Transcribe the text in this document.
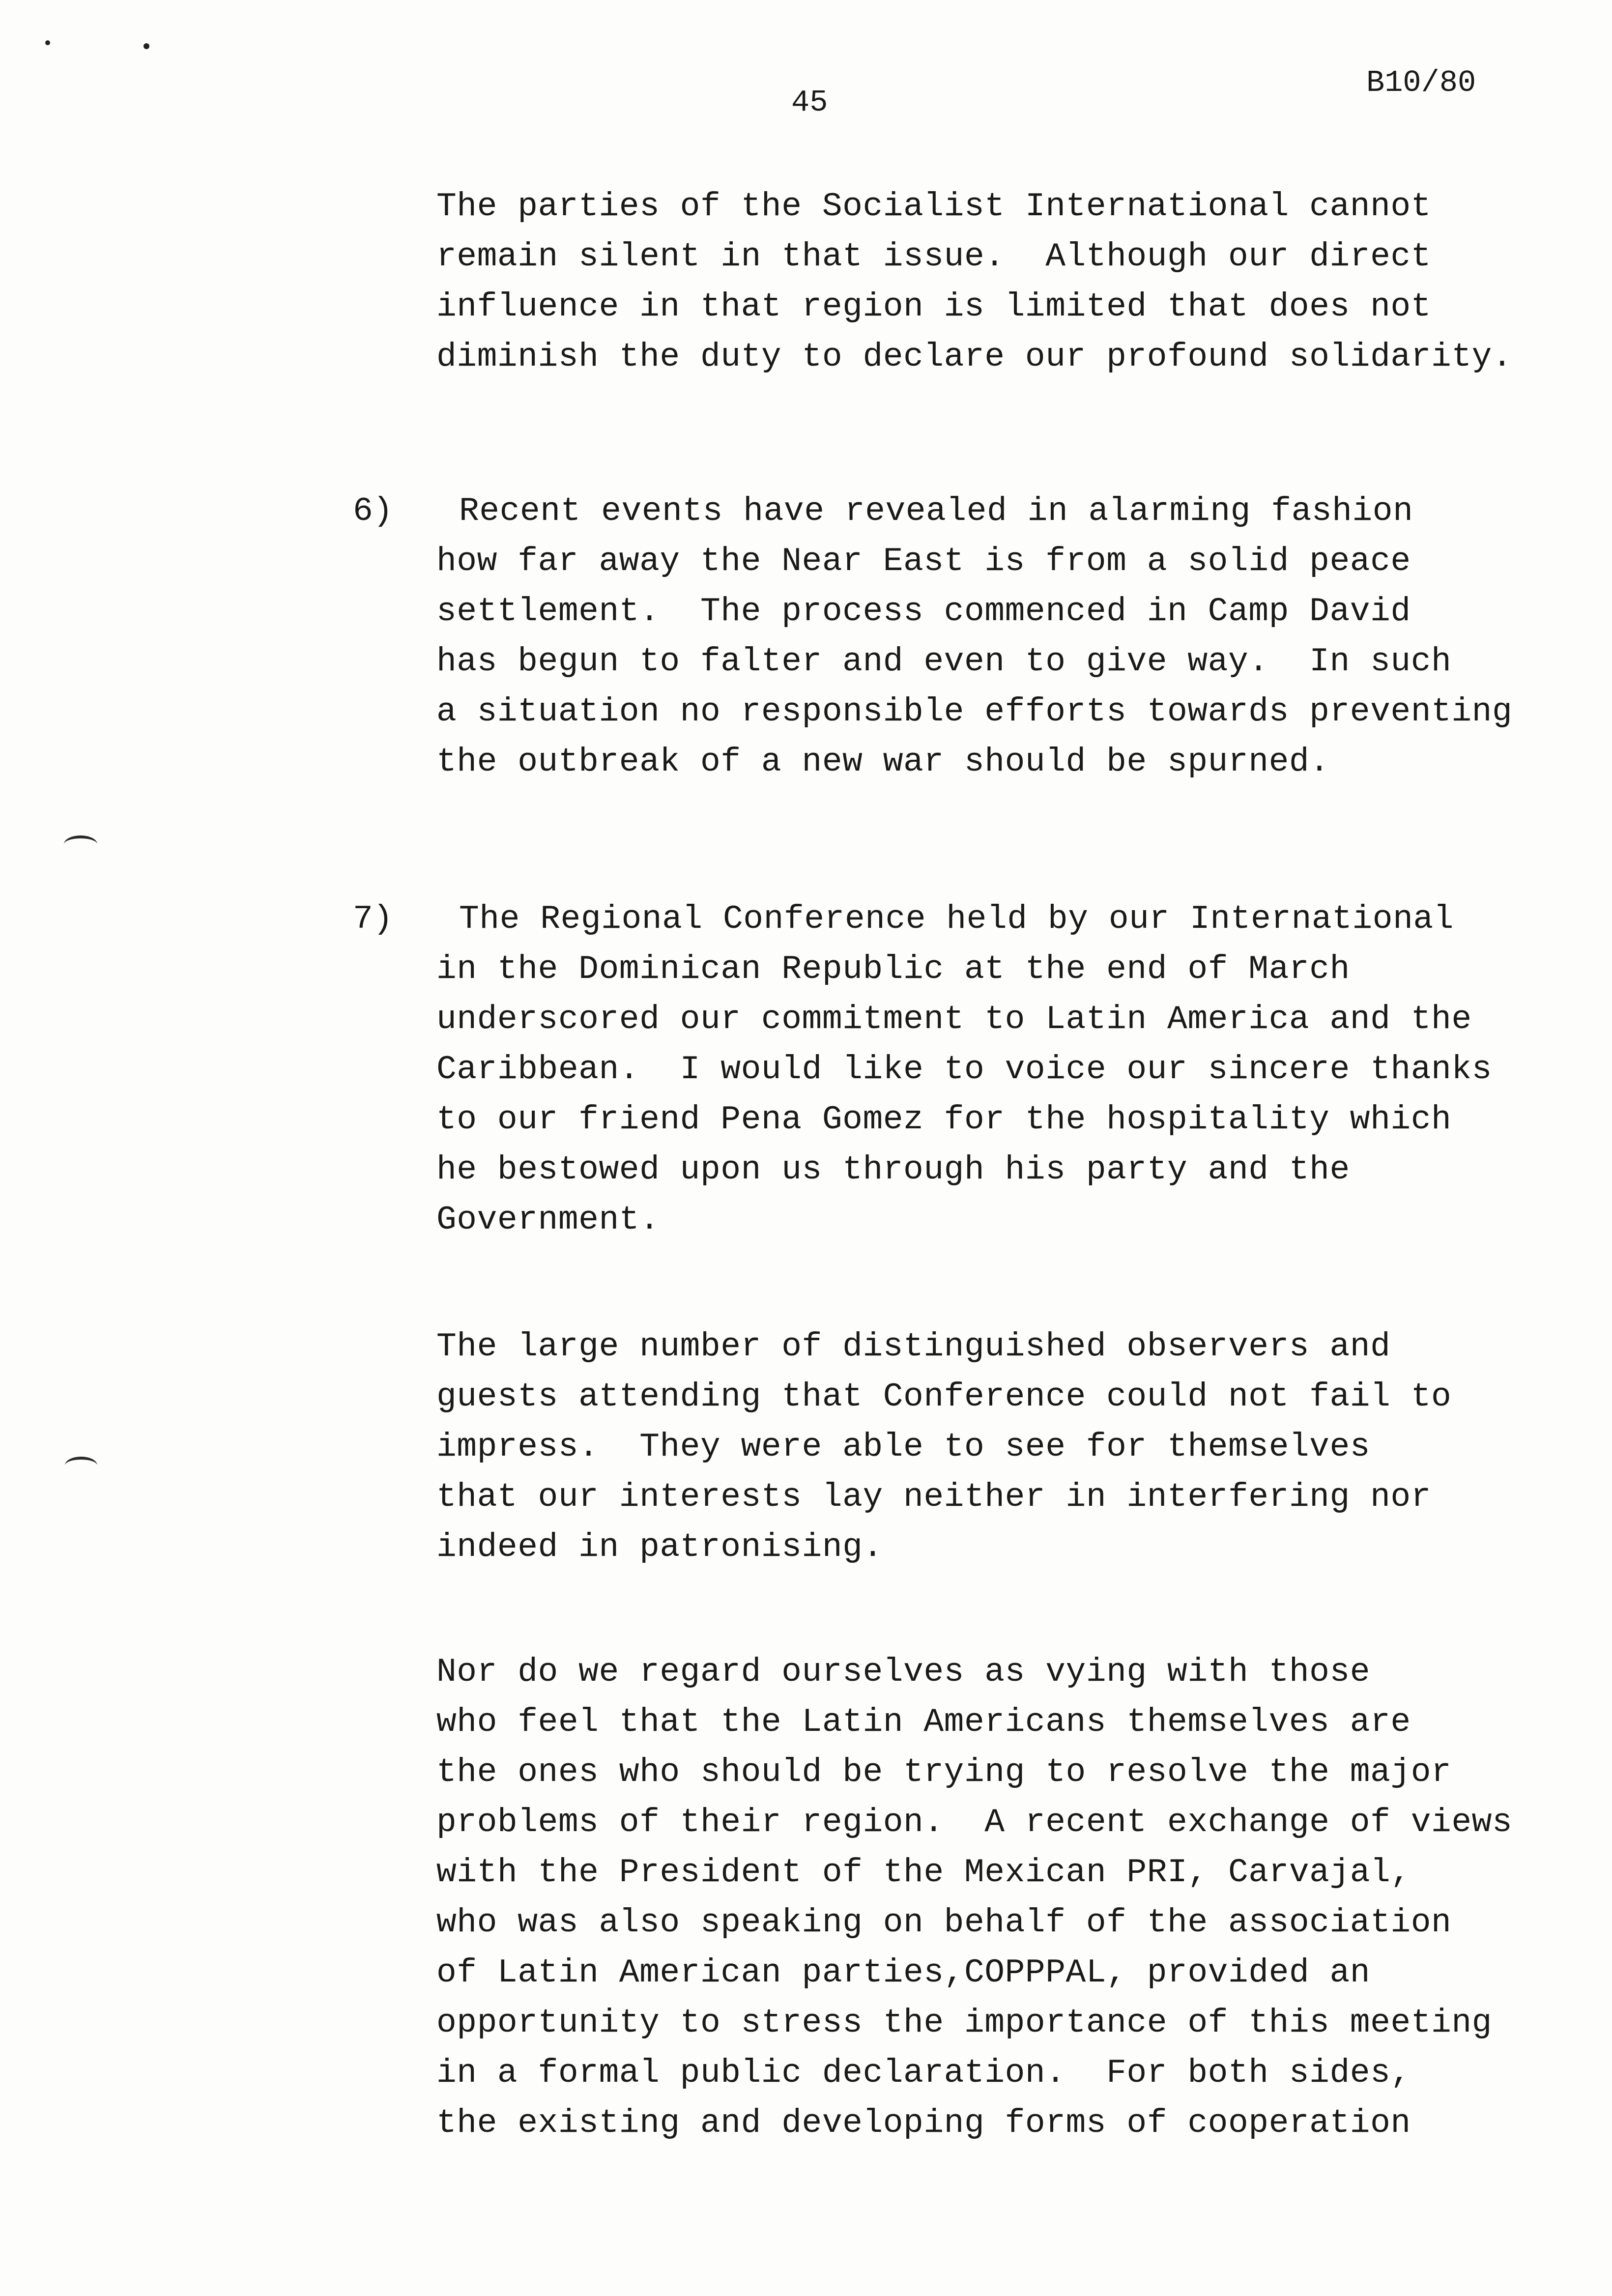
45
B10/80
The parties of the Socialist International cannot
remain silent in that issue.  Although our direct
influence in that region is limited that does not
diminish the duty to declare our profound solidarity.
6)	Recent events have revealed in alarming fashion
how far away the Near East is from a solid peace
settlement.  The process commenced in Camp David
has begun to falter and even to give way.  In such
a situation no responsible efforts towards preventing
the outbreak of a new war should be spurned.
7)	The Regional Conference held by our International
in the Dominican Republic at the end of March
underscored our commitment to Latin America and the
Caribbean.  I would like to voice our sincere thanks
to our friend Pena Gomez for the hospitality which
he bestowed upon us through his party and the
Government.
The large number of distinguished observers and
guests attending that Conference could not fail to
impress.  They were able to see for themselves
that our interests lay neither in interfering nor
indeed in patronising.
Nor do we regard ourselves as vying with those
who feel that the Latin Americans themselves are
the ones who should be trying to resolve the major
problems of their region.  A recent exchange of views
with the President of the Mexican PRI, Carvajal,
who was also speaking on behalf of the association
of Latin American parties,COPPPAL, provided an
opportunity to stress the importance of this meeting
in a formal public declaration.  For both sides,
the existing and developing forms of cooperation
